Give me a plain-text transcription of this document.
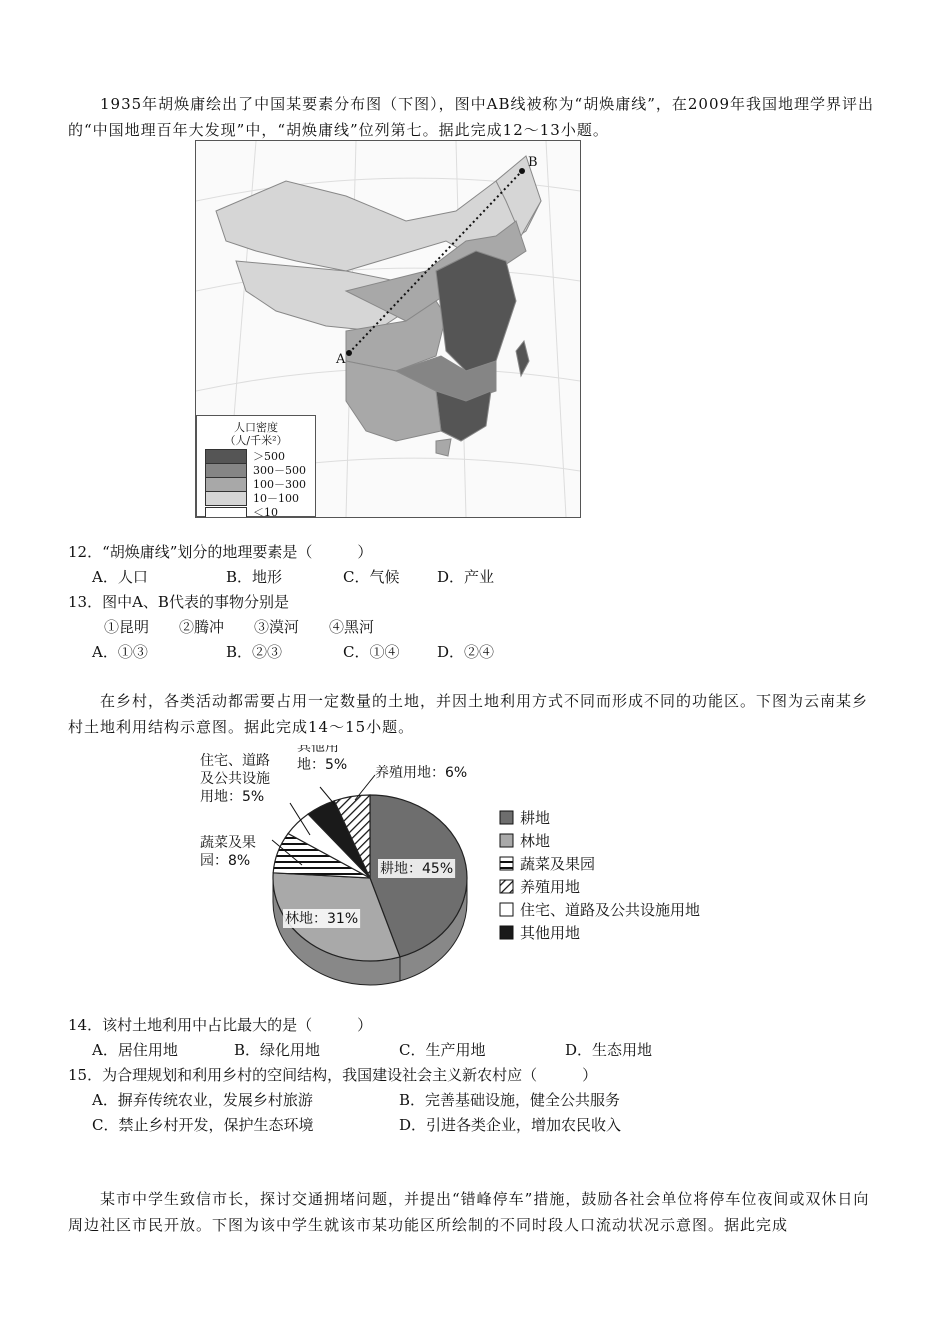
1935年胡焕庸绘出了中国某要素分布图（下图），图中AB线被称为“胡焕庸线”，在2009年我国地理学界评出的“中国地理百年大发现”中，“胡焕庸线”位列第七。据此完成12～13小题。
A
B
人口密度
（人/千米²）
＞500
300－500
100－300
10－100
＜10
12．“胡焕庸线”划分的地理要素是（　　　）
A．人口	B．地形	C．气候	D．产业
13．图中A、B代表的事物分别是
①昆明　　②腾冲　　③漠河　　④黑河
A．①③	B．②③	C．①④	D．②④
在乡村，各类活动都需要占用一定数量的土地，并因土地利用方式不同而形成不同的功能区。下图为云南某乡村土地利用结构示意图。据此完成14～15小题。
耕地：45%
林地：31%
蔬菜及果园：8%
住宅、道路及公共设施用地：5%
其他用地：5% 养殖用地：6%
耕地
林地
蔬菜及果园
养殖用地
住宅、道路及公共设施用地
其他用地
14．该村土地利用中占比最大的是（　　　）
A．居住用地	B．绿化用地	C．生产用地	D．生态用地
15．为合理规划和利用乡村的空间结构，我国建设社会主义新农村应（　　　）
A．摒弃传统农业，发展乡村旅游	B．完善基础设施，健全公共服务
C．禁止乡村开发，保护生态环境	D．引进各类企业，增加农民收入
某市中学生致信市长，探讨交通拥堵问题，并提出“错峰停车”措施，鼓励各社会单位将停车位夜间或双休日向周边社区市民开放。下图为该中学生就该市某功能区所绘制的不同时段人口流动状况示意图。据此完成
